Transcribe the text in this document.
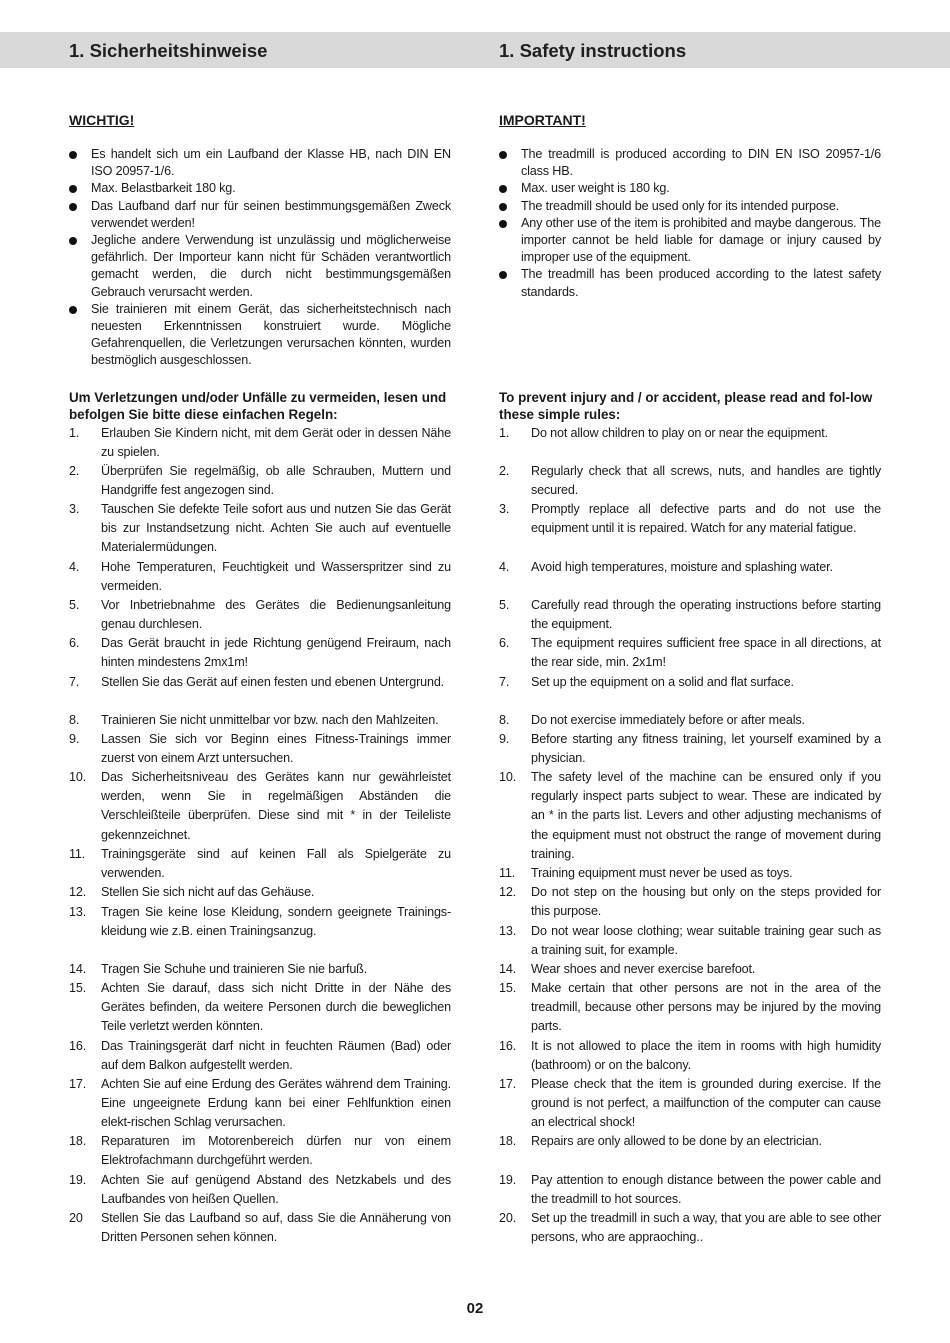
1. Sicherheitshinweise	1. Safety instructions
WICHTIG!
Es handelt sich um ein Laufband der Klasse HB, nach DIN EN ISO 20957-1/6.
Max. Belastbarkeit 180 kg.
Das Laufband darf nur für seinen bestimmungsgemäßen Zweck verwendet werden!
Jegliche andere Verwendung ist unzulässig und möglicherweise gefährlich. Der Importeur kann nicht für Schäden verantwortlich gemacht werden, die durch nicht bestimmungsgemäßen Gebrauch verursacht werden.
Sie trainieren mit einem Gerät, das sicherheitstechnisch nach neuesten Erkenntnissen konstruiert wurde. Mögliche Gefahrenquellen, die Verletzungen verursachen könnten, wurden bestmöglich ausgeschlossen.
Um Verletzungen und/oder Unfälle zu vermeiden, lesen und befolgen Sie bitte diese einfachen Regeln:
1.	Erlauben Sie Kindern nicht, mit dem Gerät oder in dessen Nähe zu spielen.
2.	Überprüfen Sie regelmäßig, ob alle Schrauben, Muttern und Handgriffe fest angezogen sind.
3.	Tauschen Sie defekte Teile sofort aus und nutzen Sie das Gerät bis zur Instandsetzung nicht. Achten Sie auch auf eventuelle Materialermüdungen.
4.	Hohe Temperaturen, Feuchtigkeit und Wasserspritzer sind zu vermeiden.
5.	Vor Inbetriebnahme des Gerätes die Bedienungsanleitung genau durchlesen.
6.	Das Gerät braucht in jede Richtung genügend Freiraum, nach hinten mindestens 2mx1m!
7.	Stellen Sie das Gerät auf einen festen und ebenen Untergrund.
8.	Trainieren Sie nicht unmittelbar vor bzw. nach den Mahlzeiten.
9.	Lassen Sie sich vor Beginn eines Fitness-Trainings immer zuerst von einem Arzt untersuchen.
10.	Das Sicherheitsniveau des Gerätes kann nur gewährleistet werden, wenn Sie in regelmäßigen Abständen die Verschleißteile überprüfen. Diese sind mit * in der Teileliste gekennzeichnet.
11.	Trainingsgeräte sind auf keinen Fall als Spielgeräte zu verwenden.
12.	Stellen Sie sich nicht auf das Gehäuse.
13.	Tragen Sie keine lose Kleidung, sondern geeignete Trainings-kleidung wie z.B. einen Trainingsanzug.
14.	Tragen Sie Schuhe und trainieren Sie nie barfuß.
15.	Achten Sie darauf, dass sich nicht Dritte in der Nähe des Gerätes befinden, da weitere Personen durch die beweglichen Teile verletzt werden könnten.
16.	Das Trainingsgerät darf nicht in feuchten Räumen (Bad) oder auf dem Balkon aufgestellt werden.
17.	Achten Sie auf eine Erdung des Gerätes während dem Training. Eine ungeeignete Erdung kann bei einer Fehlfunktion einen elekt-rischen Schlag verursachen.
18.	Reparaturen im Motorenbereich dürfen nur von einem Elektrofachmann durchgeführt werden.
19.	Achten Sie auf genügend Abstand des Netzkabels und des Laufbandes von heißen Quellen.
20	Stellen Sie das Laufband so auf, dass Sie die Annäherung von Dritten Personen sehen können.
IMPORTANT!
The treadmill is produced according to DIN EN ISO 20957-1/6 class HB.
Max. user weight is 180 kg.
The treadmill should be used only for its intended purpose.
Any other use of the item is prohibited and maybe dangerous. The importer cannot be held liable for damage or injury caused by improper use of the equipment.
The treadmill has been produced according to the latest safety standards.
To prevent injury and / or accident, please read and fol-low these simple rules:
1.	Do not allow children to play on or near the equipment.
2.	Regularly check that all screws, nuts, and handles are tightly secured.
3.	Promptly replace all defective parts and do not use the equipment until it is repaired. Watch for any material fatigue.
4.	Avoid high temperatures, moisture and splashing water.
5.	Carefully read through the operating instructions before starting the equipment.
6.	The equipment requires sufficient free space in all directions, at the rear side, min. 2x1m!
7.	Set up the equipment on a solid and flat surface.
8.	Do not exercise immediately before or after meals.
9.	Before starting any fitness training, let yourself examined by a physician.
10.	The safety level of the machine can be ensured only if you regularly inspect parts subject to wear. These are indicated by an * in the parts list. Levers and other adjusting mechanisms of the equipment must not obstruct the range of movement during training.
11.	Training equipment must never be used as toys.
12.	Do not step on the housing but only on the steps provided for this purpose.
13.	Do not wear loose clothing; wear suitable training gear such as a training suit, for example.
14.	Wear shoes and never exercise barefoot.
15.	Make certain that other persons are not in the area of the treadmill, because other persons may be injured by the moving parts.
16.	It is not allowed to place the item in rooms with high humidity (bathroom) or on the balcony.
17.	Please check that the item is grounded during exercise. If the ground is not perfect, a mailfunction of the computer can cause an electrical shock!
18.	Repairs are only allowed to be done by an electrician.
19.	Pay attention to enough distance between the power cable and the treadmill to hot sources.
20.	Set up the treadmill in such a way, that you are able to see other persons, who are appraoching..
02
